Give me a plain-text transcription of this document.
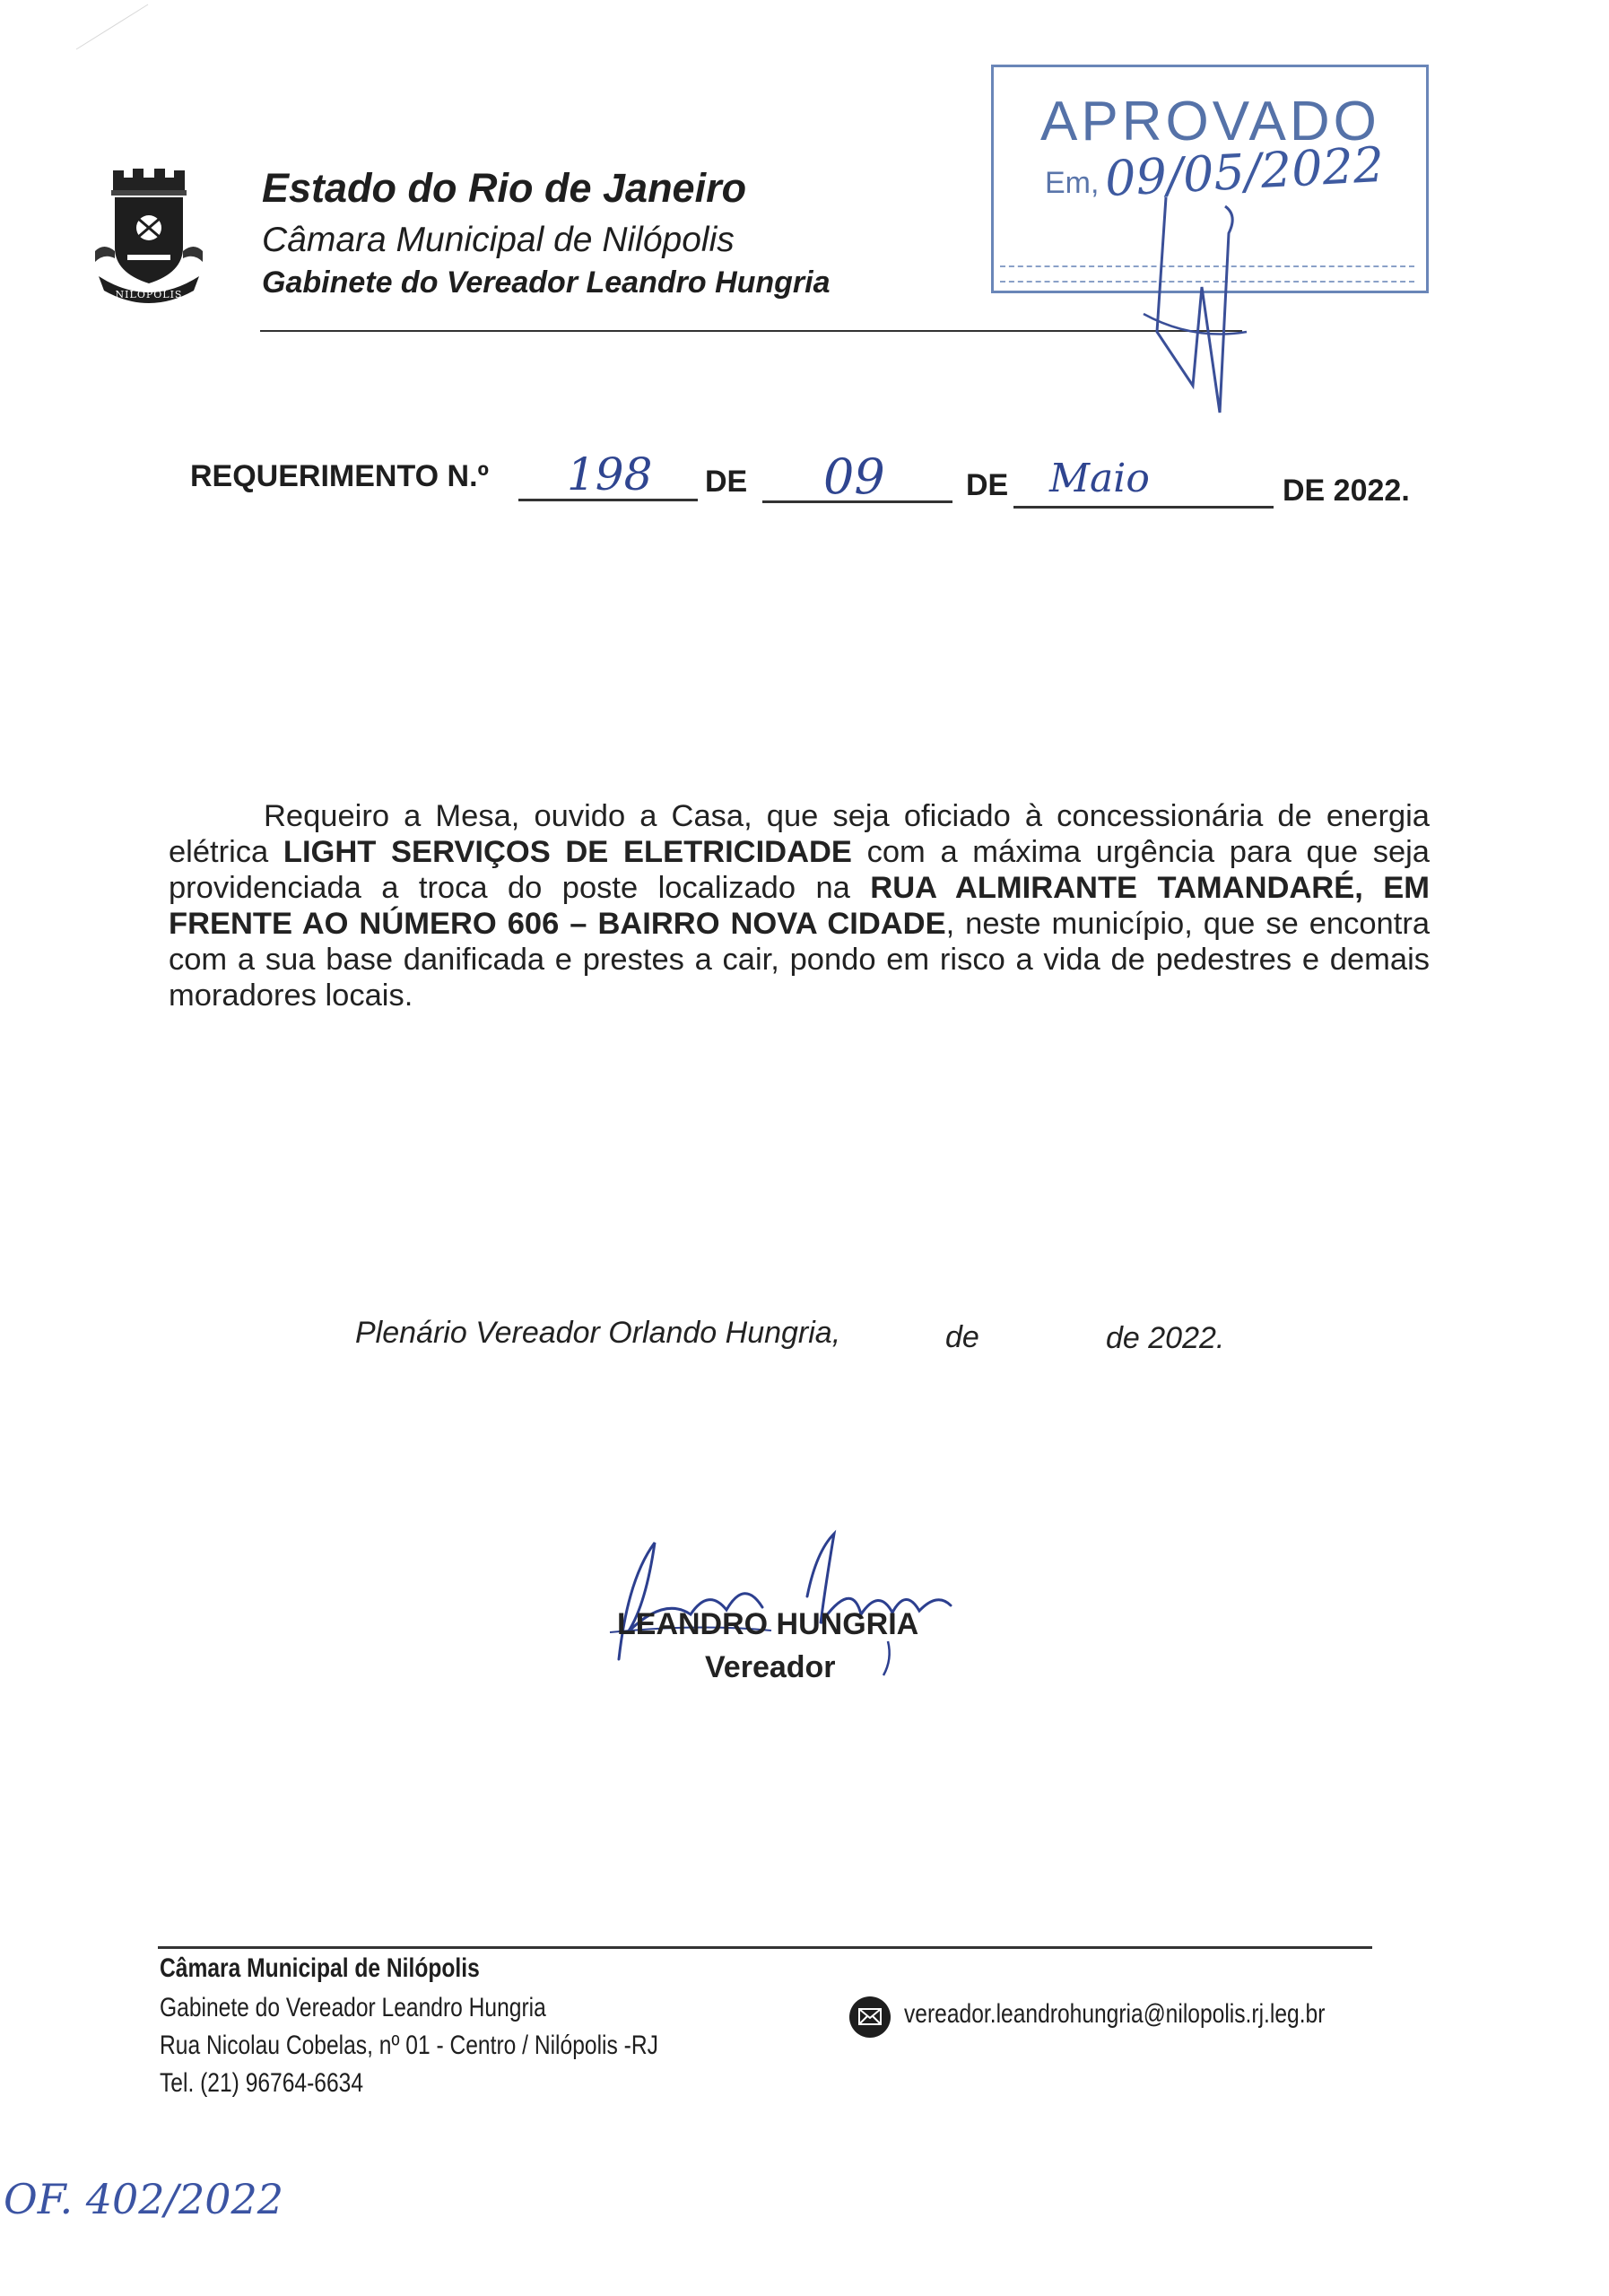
NILÓPOLIS
Estado do Rio de Janeiro
Câmara Municipal de Nilópolis
Gabinete do Vereador Leandro Hungria
APROVADO
Em, 09/05/2022
REQUERIMENTO N.º 198 DE 09	DE Maio	DE 2022.
Requeiro a Mesa, ouvido a Casa, que seja oficiado à concessionária de energia elétrica LIGHT SERVIÇOS DE ELETRICIDADE com a máxima urgência para que seja providenciada a troca do poste localizado na RUA ALMIRANTE TAMANDARÉ, EM FRENTE AO NÚMERO 606 – BAIRRO NOVA CIDADE, neste município, que se encontra com a sua base danificada e prestes a cair, pondo em risco a vida de pedestres e demais moradores locais.
Plenário Vereador Orlando Hungria,	de	de 2022.
LEANDRO HUNGRIA
Vereador
Câmara Municipal de Nilópolis
Gabinete do Vereador Leandro Hungria
Rua Nicolau Cobelas, nº 01 - Centro / Nilópolis -RJ
Tel. (21) 96764-6634
vereador.leandrohungria@nilopolis.rj.leg.br
OF. 402/2022
